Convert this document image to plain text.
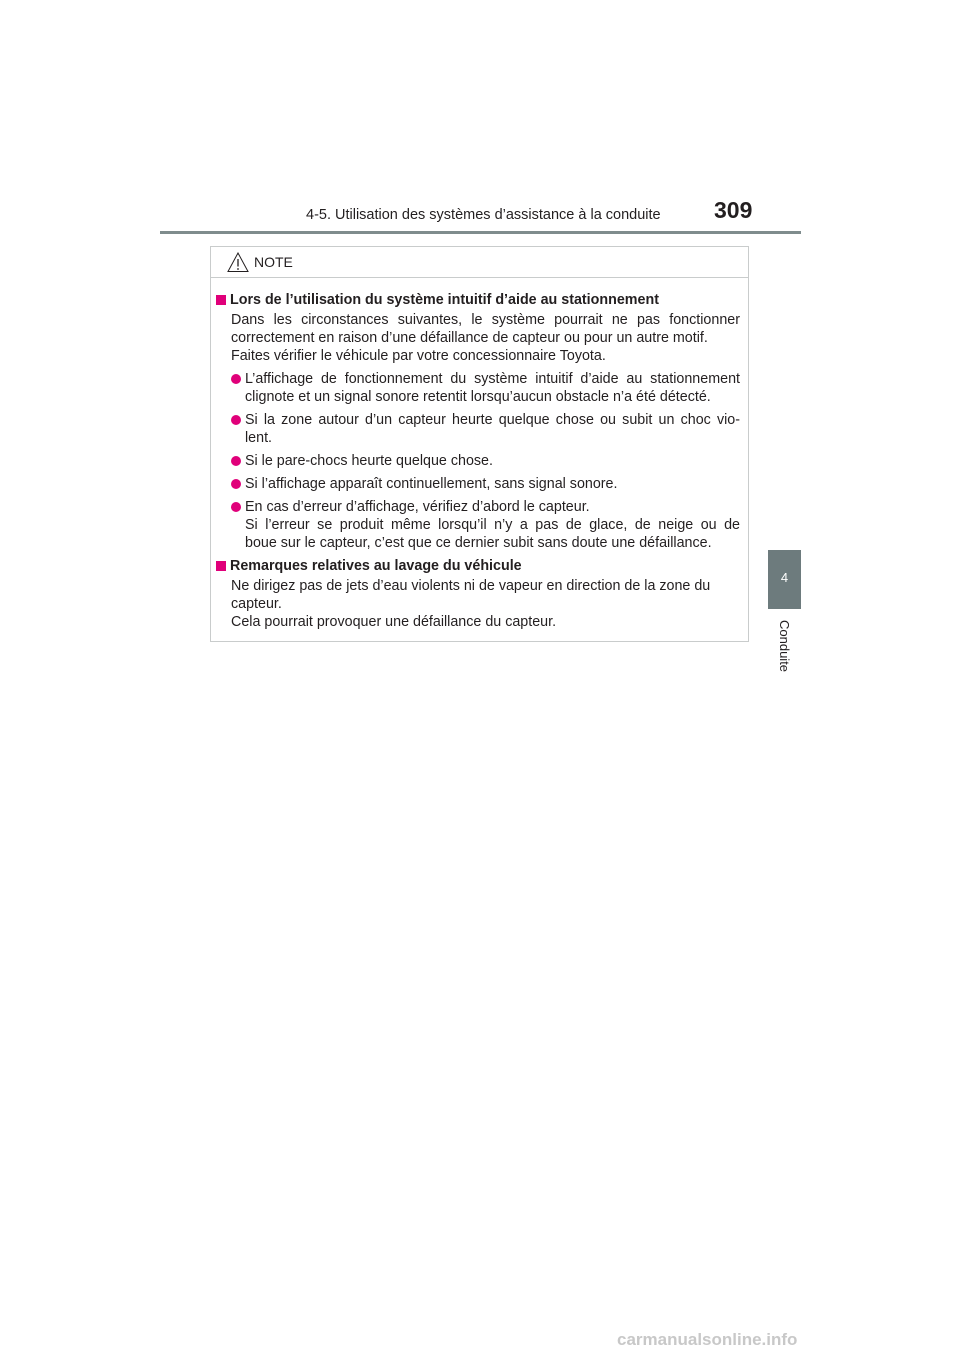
4-5. Utilisation des systèmes d’assistance à la conduite 309
4
Conduite
NOTE
Lors de l’utilisation du système intuitif d’aide au stationnement
Dans les circonstances suivantes, le système pourrait ne pas fonctionner
correctement en raison d’une défaillance de capteur ou pour un autre motif.
Faites vérifier le véhicule par votre concessionnaire Toyota.
L’affichage de fonctionnement du système intuitif d’aide au stationnement
clignote et un signal sonore retentit lorsqu’aucun obstacle n’a été détecté.
Si la zone autour d’un capteur heurte quelque chose ou subit un choc vio-
lent.
Si le pare-chocs heurte quelque chose.
Si l’affichage apparaît continuellement, sans signal sonore.
En cas d’erreur d’affichage, vérifiez d’abord le capteur.
Si l’erreur se produit même lorsqu’il n’y a pas de glace, de neige ou de
boue sur le capteur, c’est que ce dernier subit sans doute une défaillance.
Remarques relatives au lavage du véhicule
Ne dirigez pas de jets d’eau violents ni de vapeur en direction de la zone du
capteur.
Cela pourrait provoquer une défaillance du capteur.
carmanualsonline.info
